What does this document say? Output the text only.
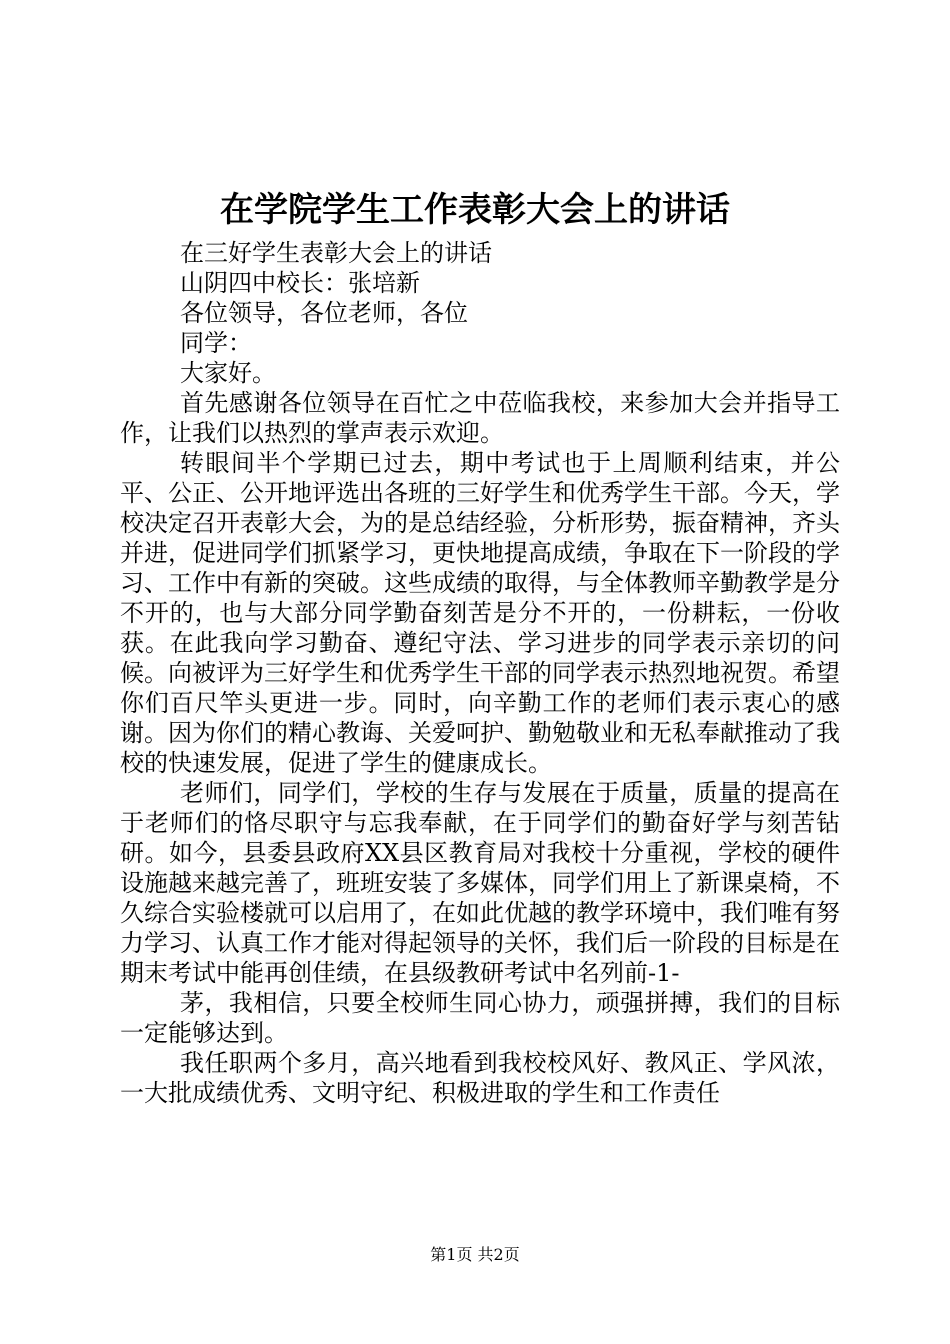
在学院学生工作表彰大会上的讲话

在三好学生表彰大会上的讲话

山阴四中校长：张培新

各位领导，各位老师，各位

同学：

大家好。

首先感谢各位领导在百忙之中莅临我校，来参加大会并指导工作，让我们以热烈的掌声表示欢迎。

转眼间半个学期已过去，期中考试也于上周顺利结束，并公平、公正、公开地评选出各班的三好学生和优秀学生干部。今天，学校决定召开表彰大会，为的是总结经验，分析形势，振奋精神，齐头并进，促进同学们抓紧学习，更快地提高成绩，争取在下一阶段的学习、工作中有新的突破。这些成绩的取得，与全体教师辛勤教学是分不开的，也与大部分同学勤奋刻苦是分不开的，一份耕耘，一份收获。在此我向学习勤奋、遵纪守法、学习进步的同学表示亲切的问候。向被评为三好学生和优秀学生干部的同学表示热烈地祝贺。希望你们百尺竿头更进一步。同时，向辛勤工作的老师们表示衷心的感谢。因为你们的精心教诲、关爱呵护、勤勉敬业和无私奉献推动了我校的快速发展，促进了学生的健康成长。

老师们，同学们，学校的生存与发展在于质量，质量的提高在于老师们的恪尽职守与忘我奉献，在于同学们的勤奋好学与刻苦钻研。如今，县委县政府XX县区教育局对我校十分重视，学校的硬件设施越来越完善了，班班安装了多媒体，同学们用上了新课桌椅，不久综合实验楼就可以启用了，在如此优越的教学环境中，我们唯有努力学习、认真工作才能对得起领导的关怀，我们后一阶段的目标是在期末考试中能再创佳绩，在县级教研考试中名列前-1-

茅，我相信，只要全校师生同心协力，顽强拼搏，我们的目标一定能够达到。

我任职两个多月，高兴地看到我校校风好、教风正、学风浓，一大批成绩优秀、文明守纪、积极进取的学生和工作责任

第1页 共2页
